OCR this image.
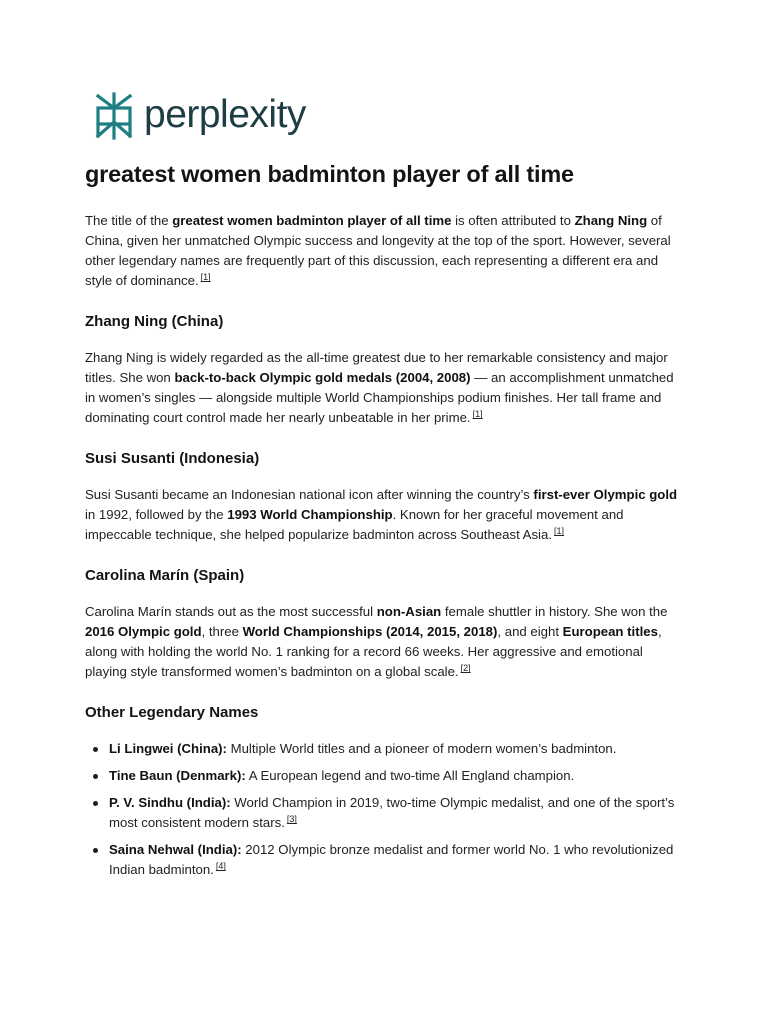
perplexity
greatest women badminton player of all time

The title of the greatest women badminton player of all time is often attributed to Zhang Ning of China, given her unmatched Olympic success and longevity at the top of the sport. However, several other legendary names are frequently part of this discussion, each representing a different era and style of dominance. [1]

Zhang Ning (China)

Zhang Ning is widely regarded as the all-time greatest due to her remarkable consistency and major titles. She won back-to-back Olympic gold medals (2004, 2008) — an accomplishment unmatched in women’s singles — alongside multiple World Championships podium finishes. Her tall frame and dominating court control made her nearly unbeatable in her prime. [1]

Susi Susanti (Indonesia)

Susi Susanti became an Indonesian national icon after winning the country’s first-ever Olympic gold in 1992, followed by the 1993 World Championship. Known for her graceful movement and impeccable technique, she helped popularize badminton across Southeast Asia. [1]

Carolina Marín (Spain)

Carolina Marín stands out as the most successful non-Asian female shuttler in history. She won the 2016 Olympic gold, three World Championships (2014, 2015, 2018), and eight European titles, along with holding the world No. 1 ranking for a record 66 weeks. Her aggressive and emotional playing style transformed women’s badminton on a global scale. [2]

Other Legendary Names
Li Lingwei (China): Multiple World titles and a pioneer of modern women’s badminton.
Tine Baun (Denmark): A European legend and two-time All England champion.
P. V. Sindhu (India): World Champion in 2019, two-time Olympic medalist, and one of the sport’s most consistent modern stars. [3]
Saina Nehwal (India): 2012 Olympic bronze medalist and former world No. 1 who revolutionized Indian badminton. [4]
